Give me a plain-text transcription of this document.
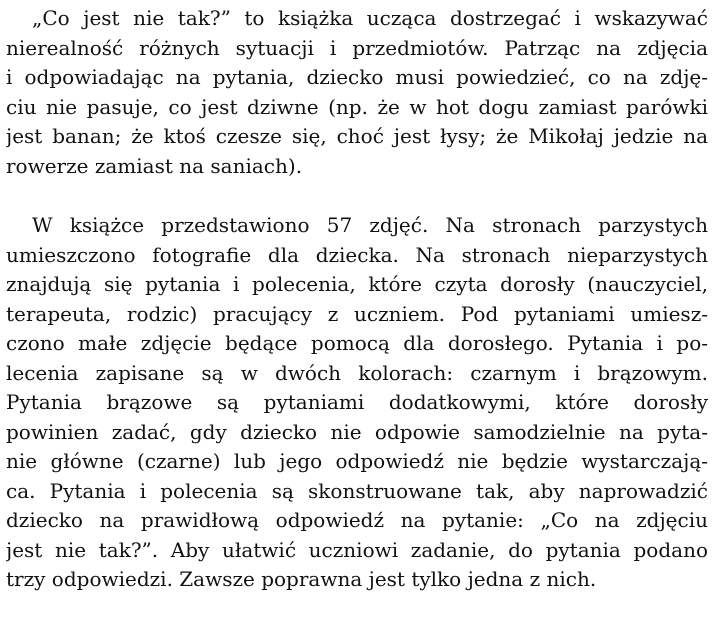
„Co jest nie tak?” to książka ucząca dostrzegać i wskazywać
nierealność różnych sytuacji i przedmiotów. Patrząc na zdjęcia
i odpowiadając na pytania, dziecko musi powiedzieć, co na zdję-
ciu nie pasuje, co jest dziwne (np. że w hot dogu zamiast parówki
jest banan; że ktoś czesze się, choć jest łysy; że Mikołaj jedzie na
rowerze zamiast na saniach).
W książce przedstawiono 57 zdjęć. Na stronach parzystych
umieszczono fotografie dla dziecka. Na stronach nieparzystych
znajdują się pytania i polecenia, które czyta dorosły (nauczyciel,
terapeuta, rodzic) pracujący z uczniem. Pod pytaniami umiesz-
czono małe zdjęcie będące pomocą dla dorosłego. Pytania i po-
lecenia zapisane są w dwóch kolorach: czarnym i brązowym.
Pytania brązowe są pytaniami dodatkowymi, które dorosły
powinien zadać, gdy dziecko nie odpowie samodzielnie na pyta-
nie główne (czarne) lub jego odpowiedź nie będzie wystarczają-
ca. Pytania i polecenia są skonstruowane tak, aby naprowadzić
dziecko na prawidłową odpowiedź na pytanie: „Co na zdjęciu
jest nie tak?”. Aby ułatwić uczniowi zadanie, do pytania podano
trzy odpowiedzi. Zawsze poprawna jest tylko jedna z nich.
